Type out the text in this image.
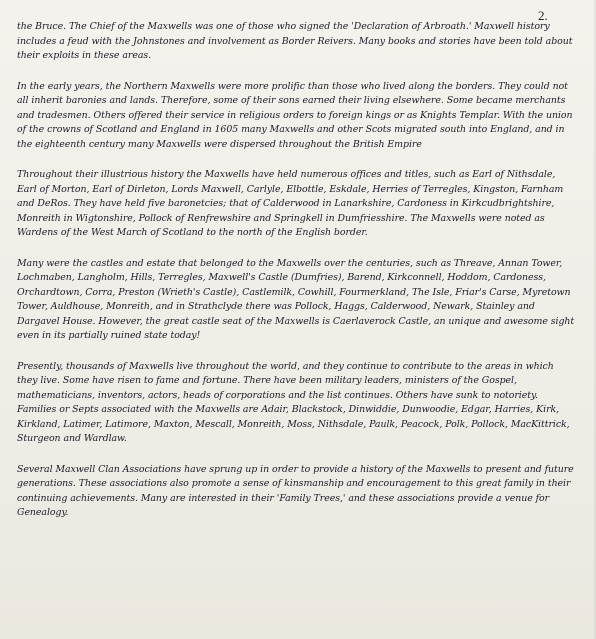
2.

the Bruce. The Chief of the Maxwells was one of those who signed the 'Declaration of Arbroath.' Maxwell history includes a feud with the Johnstones and involvement as Border Reivers. Many books and stories have been told about their exploits in these areas.

In the early years, the Northern Maxwells were more prolific than those who lived along the borders. They could not all inherit baronies and lands. Therefore, some of their sons earned their living elsewhere. Some became merchants and tradesmen. Others offered their service in religious orders to foreign kings or as Knights Templar. With the union of the crowns of Scotland and England in 1605 many Maxwells and other Scots migrated south into England, and in the eighteenth century many Maxwells were dispersed throughout the British Empire

Throughout their illustrious history the Maxwells have held numerous offices and titles, such as Earl of Nithsdale, Earl of Morton, Earl of Dirleton, Lords Maxwell, Carlyle, Elbottle, Eskdale, Herries of Terregles, Kingston, Farnham and DeRos. They have held five baronetcies; that of Calderwood in Lanarkshire, Cardoness in Kirkcudbrightshire, Monreith in Wigtonshire, Pollock of Renfrewshire and Springkell in Dumfriesshire. The Maxwells were noted as Wardens of the West March of Scotland to the north of the English border.

Many were the castles and estate that belonged to the Maxwells over the centuries, such as Threave, Annan Tower, Lochmaben, Langholm, Hills, Terregles, Maxwell's Castle (Dumfries), Barend, Kirkconnell, Hoddom, Cardoness, Orchardtown, Corra, Preston (Wrieth's Castle), Castlemilk, Cowhill, Fourmerkland, The Isle, Friar's Carse, Myretown Tower, Auldhouse, Monreith, and in Strathclyde there was Pollock, Haggs, Calderwood, Newark, Stainley and Dargavel House. However, the great castle seat of the Maxwells is Caerlaverock Castle, an unique and awesome sight even in its partially ruined state today!

Presently, thousands of Maxwells live throughout the world, and they continue to contribute to the areas in which they live. Some have risen to fame and fortune. There have been military leaders, ministers of the Gospel, mathematicians, inventors, actors, heads of corporations and the list continues. Others have sunk to notoriety. Families or Septs associated with the Maxwells are Adair, Blackstock, Dinwiddie, Dunwoodie, Edgar, Harries, Kirk, Kirkland, Latimer, Latimore, Maxton, Mescall, Monreith, Moss, Nithsdale, Paulk, Peacock, Polk, Pollock, MacKittrick, Sturgeon and Wardlaw.

Several Maxwell Clan Associations have sprung up in order to provide a history of the Maxwells to present and future generations. These associations also promote a sense of kinsmanship and encouragement to this great family in their continuing achievements. Many are interested in their 'Family Trees,' and these associations provide a venue for Genealogy.
